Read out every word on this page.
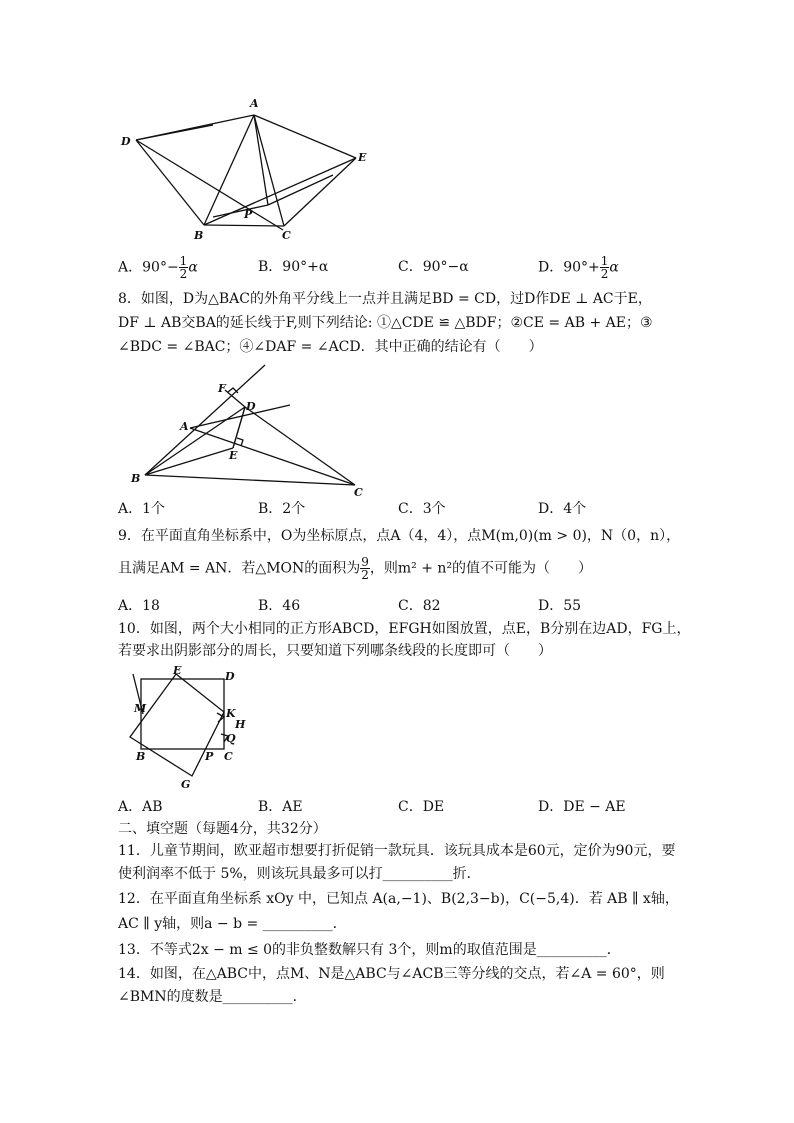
A
D
E
P
B	C
A．$90^\circ- \frac{1}{2}$ α	B．90°+α	C．90°−α	D．$90^\circ+ \frac{1}{2}$ α
8．如图，D为△BAC的外角平分线上一点并且满足BD = CD，过D作DE ⊥ AC于E，
DF ⊥ AB交BA的延长线于F,则下列结论: ①△CDE ≌ △BDF；②CE = AB + AE；③
∠BDC = ∠BAC；④∠DAF = ∠ACD．其中正确的结论有（　　）
F
D
A
E
B
C
A．1个	B．2个	C．3个	D．4个
9．在平面直角坐标系中，O为坐标原点，点A（4，4），点M(m,0)(m > 0)，N（0，n），
且满足AM = AN．若△MON的面积为 $\frac{9}{2}$ ，则m² + n²的值不可能为（　　）
A．18	B．46	C．82	D．55
10．如图，两个大小相同的正方形ABCD，EFGH如图放置，点E，B分别在边AD，FG上，
若要求出阴影部分的周长，只要知道下列哪条线段的长度即可（　　）
E	D
M	K
H
Q
B	P C
G
A．AB	B．AE	C．DE	D．DE − AE
二、填空题（每题4分，共32分）
11．儿童节期间，欧亚超市想要打折促销一款玩具．该玩具成本是60元，定价为90元，要
使利润率不低于 5%，则该玩具最多可以打__________折．
12．在平面直角坐标系 xOy 中，已知点 A(a,−1)、B(2,3−b)，C(−5,4)．若 AB ∥ x轴，
AC ∥ y轴，则a − b = __________．
13．不等式2x − m ≤ 0的非负整数解只有 3个，则m的取值范围是__________．
14．如图，在△ABC中，点M、N是△ABC与∠ACB三等分线的交点，若∠A = 60°，则
∠BMN的度数是__________．
